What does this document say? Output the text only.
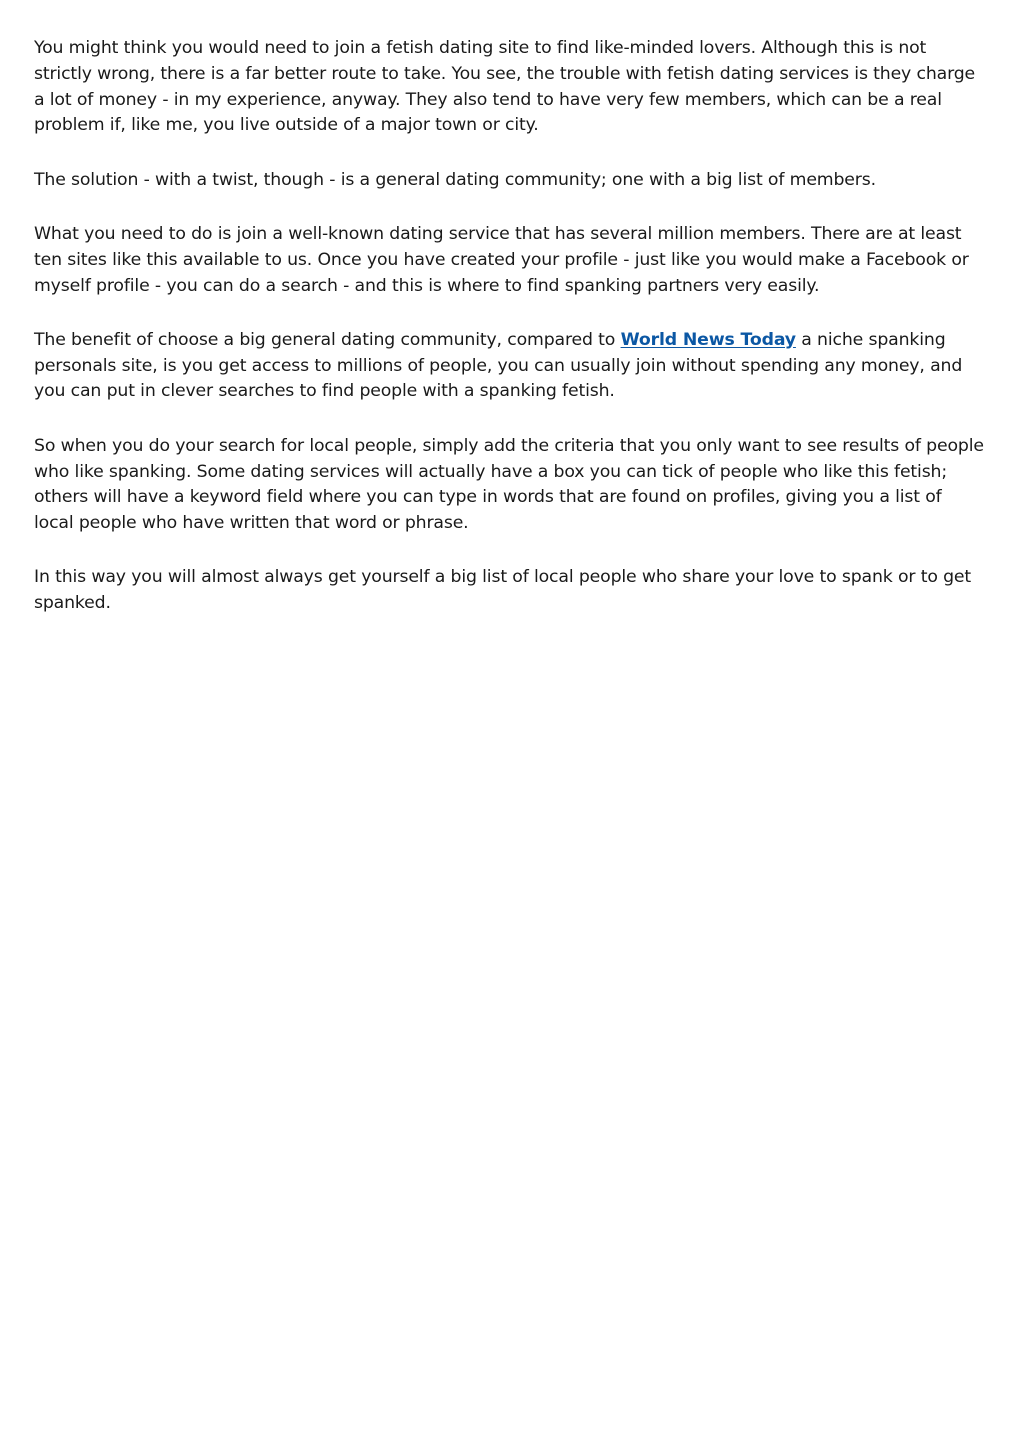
You might think you would need to join a fetish dating site to find like-minded lovers. Although this is not strictly wrong, there is a far better route to take. You see, the trouble with fetish dating services is they charge a lot of money - in my experience, anyway. They also tend to have very few members, which can be a real problem if, like me, you live outside of a major town or city.

The solution - with a twist, though - is a general dating community; one with a big list of members.

What you need to do is join a well-known dating service that has several million members. There are at least ten sites like this available to us. Once you have created your profile - just like you would make a Facebook or myself profile - you can do a search - and this is where to find spanking partners very easily.

The benefit of choose a big general dating community, compared to World News Today a niche spanking personals site, is you get access to millions of people, you can usually join without spending any money, and you can put in clever searches to find people with a spanking fetish.

So when you do your search for local people, simply add the criteria that you only want to see results of people who like spanking. Some dating services will actually have a box you can tick of people who like this fetish; others will have a keyword field where you can type in words that are found on profiles, giving you a list of local people who have written that word or phrase.

In this way you will almost always get yourself a big list of local people who share your love to spank or to get spanked.
